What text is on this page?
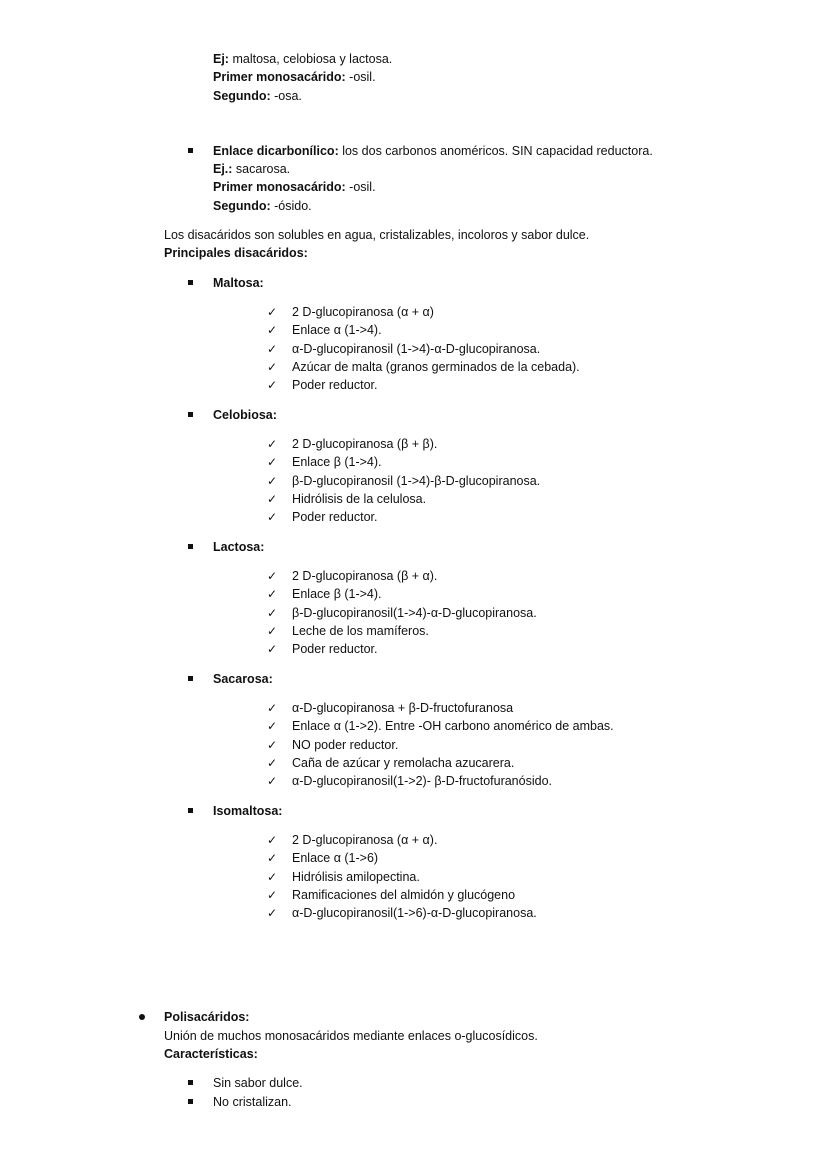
Ej: maltosa, celobiosa y lactosa.
Primer monosacárido: -osil.
Segundo: -osa.
Enlace dicarbonílico: los dos carbonos anoméricos. SIN capacidad reductora.
Ej.: sacarosa.
Primer monosacárido: -osil.
Segundo: -ósido.
Los disacáridos son solubles en agua, cristalizables, incoloros y sabor dulce.
Principales disacáridos:
Maltosa:
✓ 2 D-glucopiranosa (α + α)
✓ Enlace α (1->4).
✓ α-D-glucopiranosil (1->4)-α-D-glucopiranosa.
✓ Azúcar de malta (granos germinados de la cebada).
✓ Poder reductor.
Celobiosa:
✓ 2 D-glucopiranosa (β + β).
✓ Enlace β (1->4).
✓ β-D-glucopiranosil (1->4)-β-D-glucopiranosa.
✓ Hidrólisis de la celulosa.
✓ Poder reductor.
Lactosa:
✓ 2 D-glucopiranosa (β + α).
✓ Enlace β (1->4).
✓ β-D-glucopiranosil(1->4)-α-D-glucopiranosa.
✓ Leche de los mamíferos.
✓ Poder reductor.
Sacarosa:
✓ α-D-glucopiranosa + β-D-fructofuranosa
✓ Enlace α (1->2). Entre -OH carbono anomérico de ambas.
✓ NO poder reductor.
✓ Caña de azúcar y remolacha azucarera.
✓ α-D-glucopiranosil(1->2)- β-D-fructofuranósido.
Isomaltosa:
✓ 2 D-glucopiranosa (α + α).
✓ Enlace α (1->6)
✓ Hidrólisis amilopectina.
✓ Ramificaciones del almidón y glucógeno
✓ α-D-glucopiranosil(1->6)-α-D-glucopiranosa.
Polisacáridos:
Unión de muchos monosacáridos mediante enlaces o-glucosídicos.
Características:
Sin sabor dulce.
No cristalizan.
